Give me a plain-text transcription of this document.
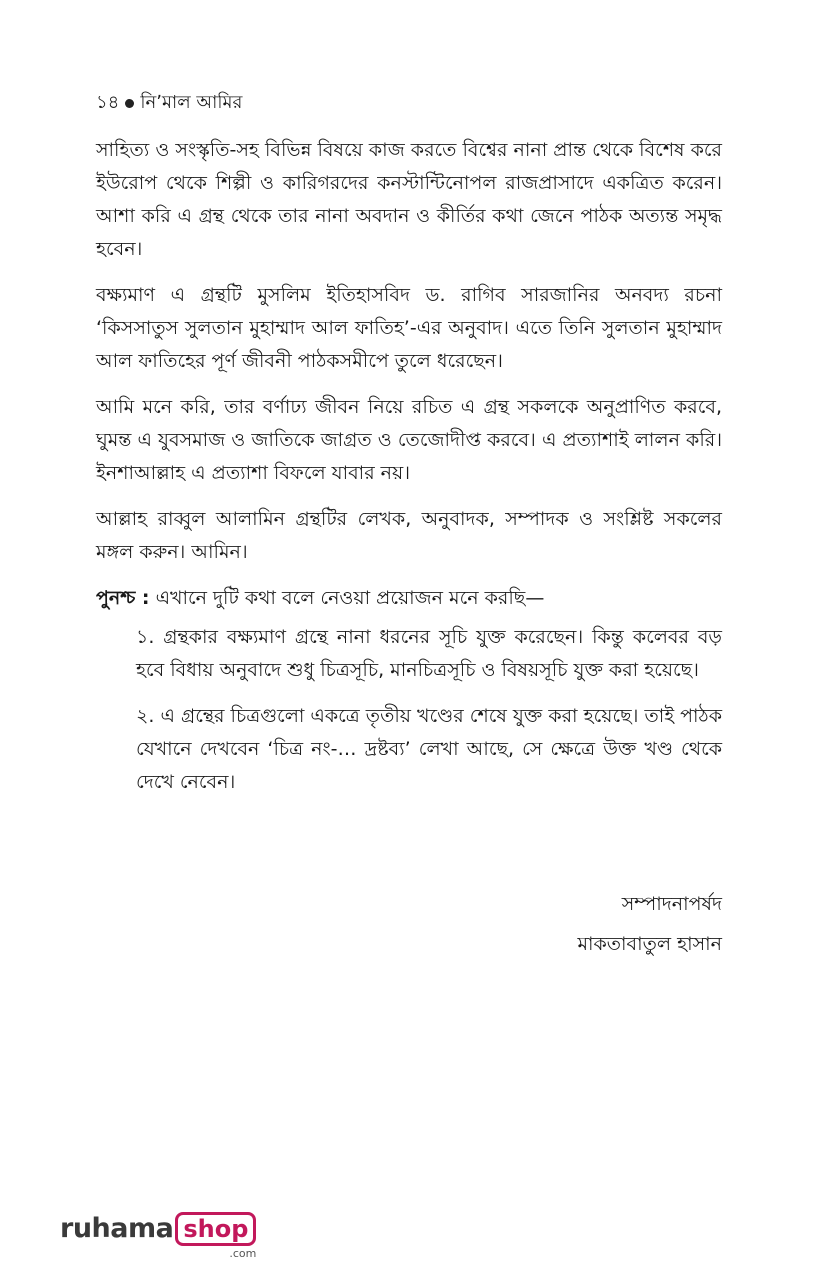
১৪ নিʼমাল আমির

সাহিত্য ও সংস্কৃতি-সহ বিভিন্ন বিষয়ে কাজ করতে বিশ্বের নানা প্রান্ত থেকে বিশেষ করে ইউরোপ থেকে শিল্পী ও কারিগরদের কনস্টান্টিনোপল রাজপ্রাসাদে একত্রিত করেন। আশা করি এ গ্রন্থ থেকে তার নানা অবদান ও কীর্তির কথা জেনে পাঠক অত্যন্ত সমৃদ্ধ হবেন।

বক্ষ্যমাণ এ গ্রন্থটি মুসলিম ইতিহাসবিদ ড. রাগিব সারজানির অনবদ্য রচনা ‘কিসসাতুস সুলতান মুহাম্মাদ আল ফাতিহ’-এর অনুবাদ। এতে তিনি সুলতান মুহাম্মাদ আল ফাতিহের পূর্ণ জীবনী পাঠকসমীপে তুলে ধরেছেন।

আমি মনে করি, তার বর্ণাঢ্য জীবন নিয়ে রচিত এ গ্রন্থ সকলকে অনুপ্রাণিত করবে, ঘুমন্ত এ যুবসমাজ ও জাতিকে জাগ্রত ও তেজোদীপ্ত করবে। এ প্রত্যাশাই লালন করি। ইনশাআল্লাহ এ প্রত্যাশা বিফলে যাবার নয়।

আল্লাহ রাব্বুল আলামিন গ্রন্থটির লেখক, অনুবাদক, সম্পাদক ও সংশ্লিষ্ট সকলের মঙ্গল করুন। আমিন।

পুনশ্চ : এখানে দুটি কথা বলে নেওয়া প্রয়োজন মনে করছি—

১. গ্রন্থকার বক্ষ্যমাণ গ্রন্থে নানা ধরনের সূচি যুক্ত করেছেন। কিন্তু কলেবর বড় হবে বিধায় অনুবাদে শুধু চিত্রসূচি, মানচিত্রসূচি ও বিষয়সূচি যুক্ত করা হয়েছে।

২. এ গ্রন্থের চিত্রগুলো একত্রে তৃতীয় খণ্ডের শেষে যুক্ত করা হয়েছে। তাই পাঠক যেখানে দেখবেন ‘চিত্র নং-… দ্রষ্টব্য’ লেখা আছে, সে ক্ষেত্রে উক্ত খণ্ড থেকে দেখে নেবেন।

সম্পাদনাপর্ষদ
মাকতাবাতুল হাসান
ruhama shop
.com
